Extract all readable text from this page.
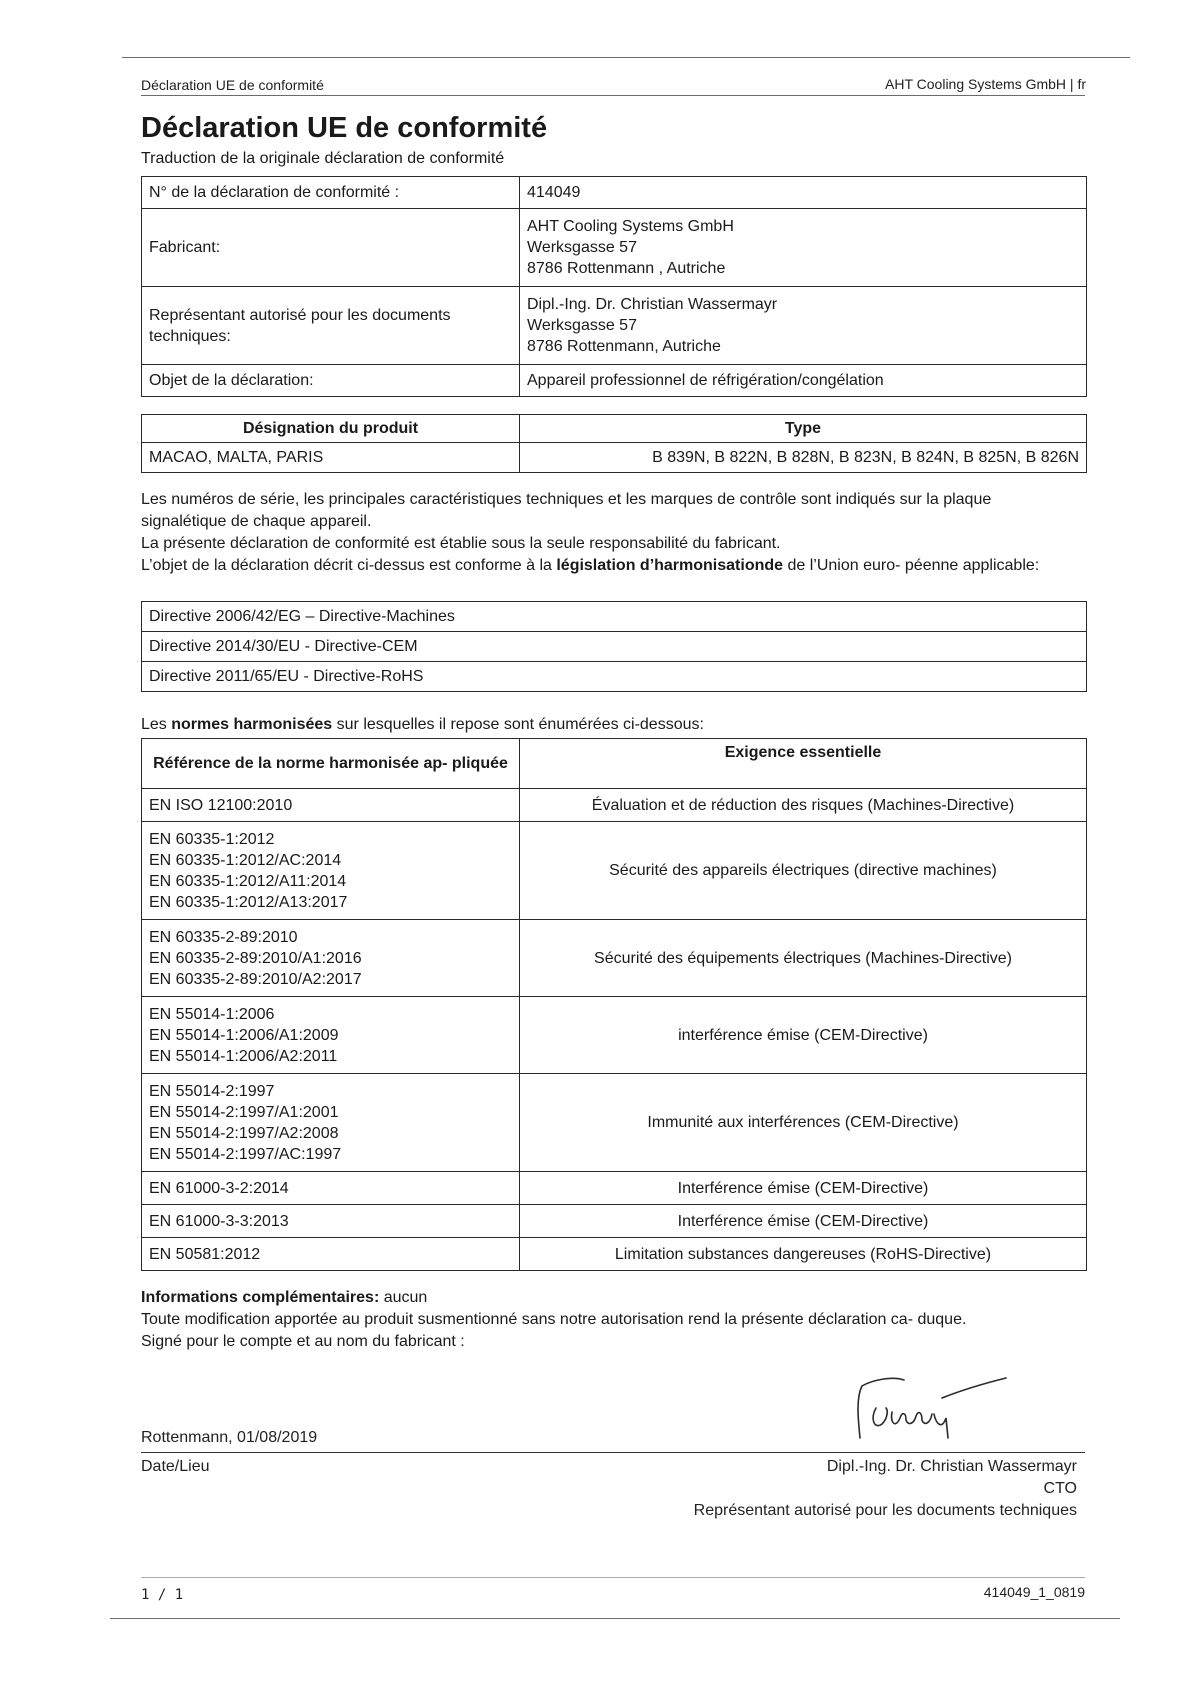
Déclaration UE de conformité	AHT Cooling Systems GmbH | fr
Déclaration UE de conformité
Traduction de la originale déclaration de conformité
N° de la déclaration de conformité :	414049
Fabricant:	AHT Cooling Systems GmbH
Werksgasse 57
8786 Rottenmann , Autriche
Représentant autorisé pour les documents techniques:	Dipl.-Ing. Dr. Christian Wassermayr
Werksgasse 57
8786 Rottenmann, Autriche
Objet de la déclaration:	Appareil professionnel de réfrigération/congélation
Désignation du produit	Type
MACAO, MALTA, PARIS	B 839N, B 822N, B 828N, B 823N, B 824N, B 825N, B 826N

Les numéros de série, les principales caractéristiques techniques et les marques de contrôle sont indiqués sur la plaque signalétique de chaque appareil.

La présente déclaration de conformité est établie sous la seule responsabilité du fabricant.

L’objet de la déclaration décrit ci-dessus est conforme à la législation d’harmonisationde de l’Union euro- péenne applicable:

Directive 2006/42/EG – Directive-Machines
Directive 2014/30/EU - Directive-CEM
Directive 2011/65/EU - Directive-RoHS

Les normes harmonisées sur lesquelles il repose sont énumérées ci-dessous:

Référence de la norme harmonisée ap- pliquée	Exigence essentielle
EN ISO 12100:2010	Évaluation et de réduction des risques (Machines-Directive)
EN 60335-1:2012
EN 60335-1:2012/AC:2014
EN 60335-1:2012/A11:2014
EN 60335-1:2012/A13:2017	Sécurité des appareils électriques (directive machines)
EN 60335-2-89:2010
EN 60335-2-89:2010/A1:2016
EN 60335-2-89:2010/A2:2017	Sécurité des équipements électriques (Machines-Directive)
EN 55014-1:2006
EN 55014-1:2006/A1:2009
EN 55014-1:2006/A2:2011	interférence émise (CEM-Directive)
EN 55014-2:1997
EN 55014-2:1997/A1:2001
EN 55014-2:1997/A2:2008
EN 55014-2:1997/AC:1997	Immunité aux interférences (CEM-Directive)
EN 61000-3-2:2014	Interférence émise (CEM-Directive)
EN 61000-3-3:2013	Interférence émise (CEM-Directive)
EN 50581:2012	Limitation substances dangereuses (RoHS-Directive)

Informations complémentaires: aucun

Toute modification apportée au produit susmentionné sans notre autorisation rend la présente déclaration ca- duque.

Signé pour le compte et au nom du fabricant :

Rottenmann, 01/08/2019
Date/Lieu	Dipl.-Ing. Dr. Christian Wassermayr
CTO
Représentant autorisé pour les documents techniques
1 / 1	414049_1_0819
